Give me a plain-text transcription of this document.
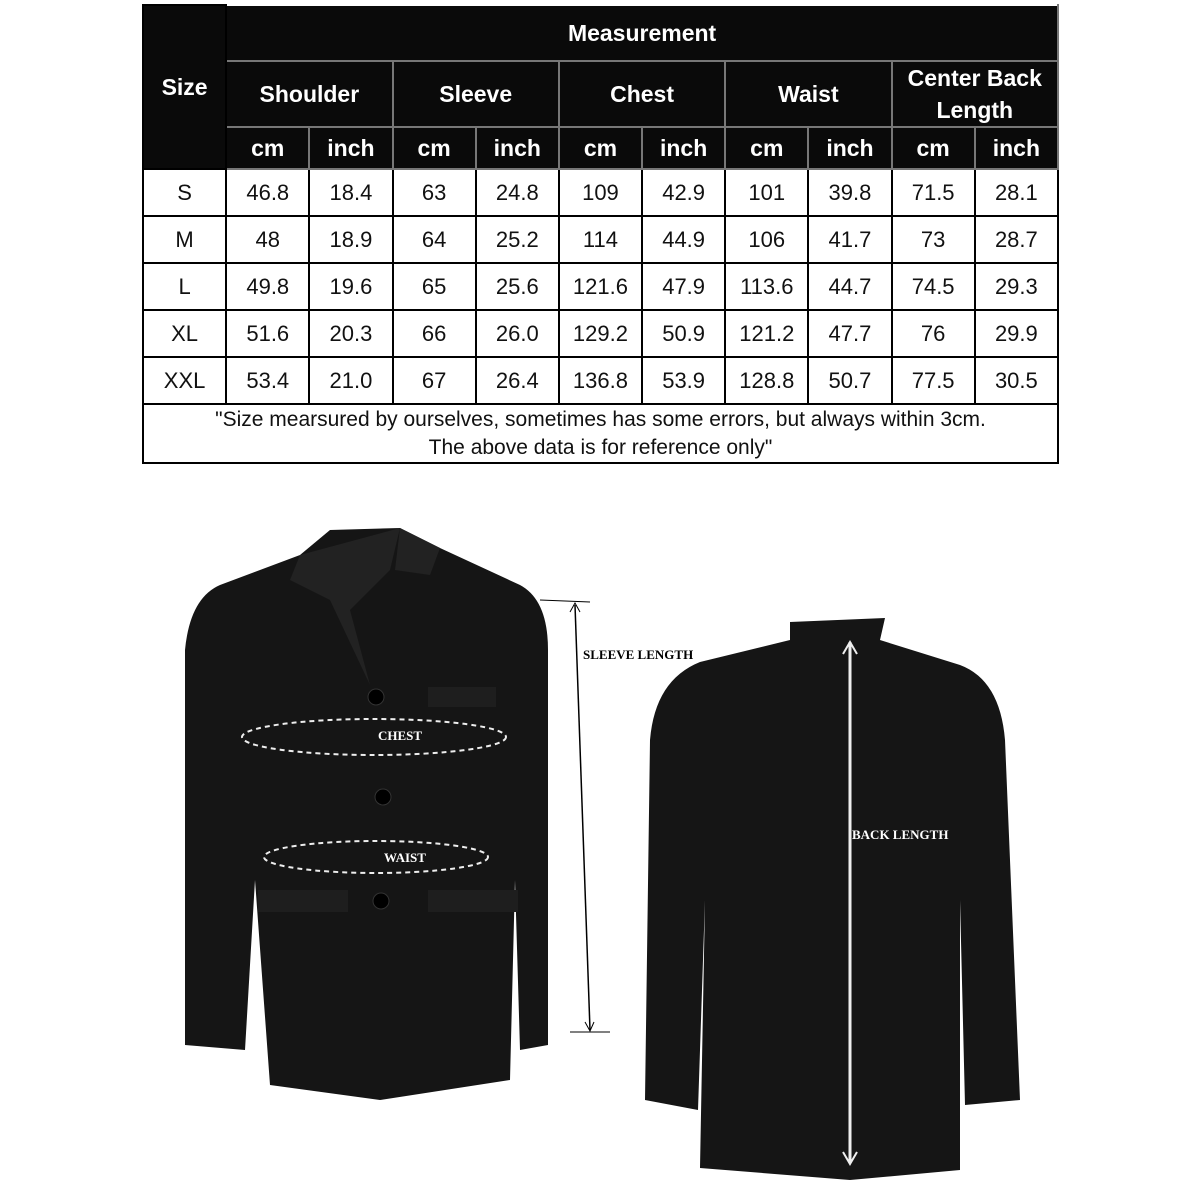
Size	Measurement									
	Shoulder		Sleeve		Chest		Waist		Center Back Length	
	cm	inch	cm	inch	cm	inch	cm	inch	cm	inch
S	46.8	18.4	63	24.8	109	42.9	101	39.8	71.5	28.1
M	48	18.9	64	25.2	114	44.9	106	41.7	73	28.7
L	49.8	19.6	65	25.6	121.6	47.9	113.6	44.7	74.5	29.3
XL	51.6	20.3	66	26.0	129.2	50.9	121.2	47.7	76	29.9
XXL	53.4	21.0	67	26.4	136.8	53.9	128.8	50.7	77.5	30.5
"Size mearsured by ourselves, sometimes has some errors, but always within 3cm.
The above data is for reference only"										
CHEST
WAIST
SLEEVE LENGTH
BACK LENGTH
